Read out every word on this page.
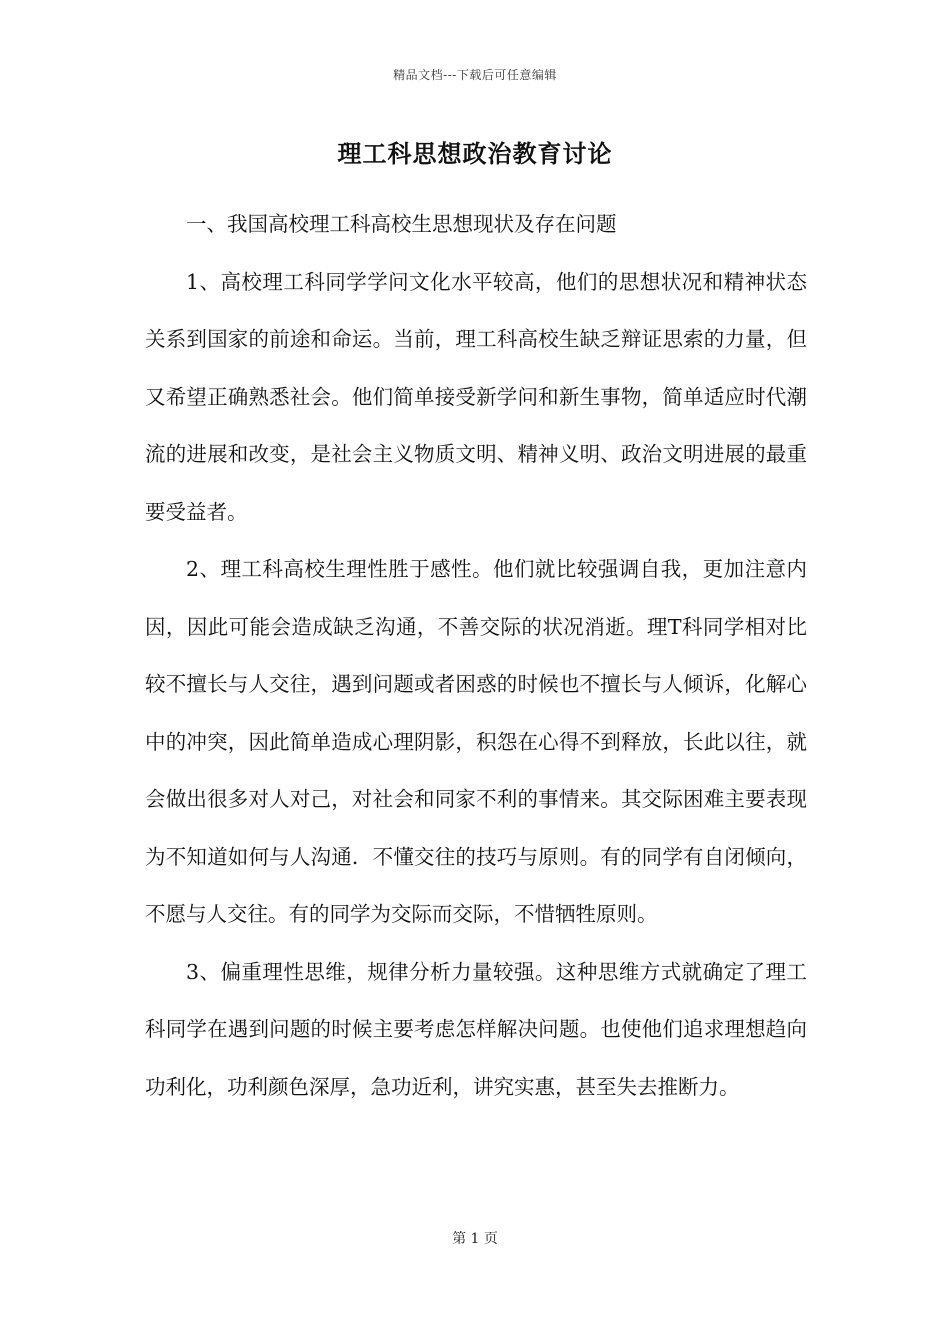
精品文档---下载后可任意编辑
理工科思想政治教育讨论

一、我国高校理工科高校生思想现状及存在问题

1、高校理工科同学学问文化水平较高，他们的思想状况和精神状态关系到国家的前途和命运。当前，理工科高校生缺乏辩证思索的力量，但又希望正确熟悉社会。他们简单接受新学问和新生事物，简单适应时代潮流的进展和改变，是社会主义物质文明、精神义明、政治文明进展的最重要受益者。

2、理工科高校生理性胜于感性。他们就比较强调自我，更加注意内因，因此可能会造成缺乏沟通，不善交际的状况消逝。理T科同学相对比较不擅长与人交往，遇到问题或者困惑的时候也不擅长与人倾诉，化解心中的冲突，因此简单造成心理阴影，积怨在心得不到释放，长此以往，就会做出很多对人对己，对社会和同家不利的事情来。其交际困难主要表现为不知道如何与人沟通．不懂交往的技巧与原则。有的同学有自闭倾向，不愿与人交往。有的同学为交际而交际，不惜牺牲原则。

3、偏重理性思维，规律分析力量较强。这种思维方式就确定了理工科同学在遇到问题的时候主要考虑怎样解决问题。也使他们追求理想趋向功利化，功利颜色深厚，急功近利，讲究实惠，甚至失去推断力。

第 1 页
